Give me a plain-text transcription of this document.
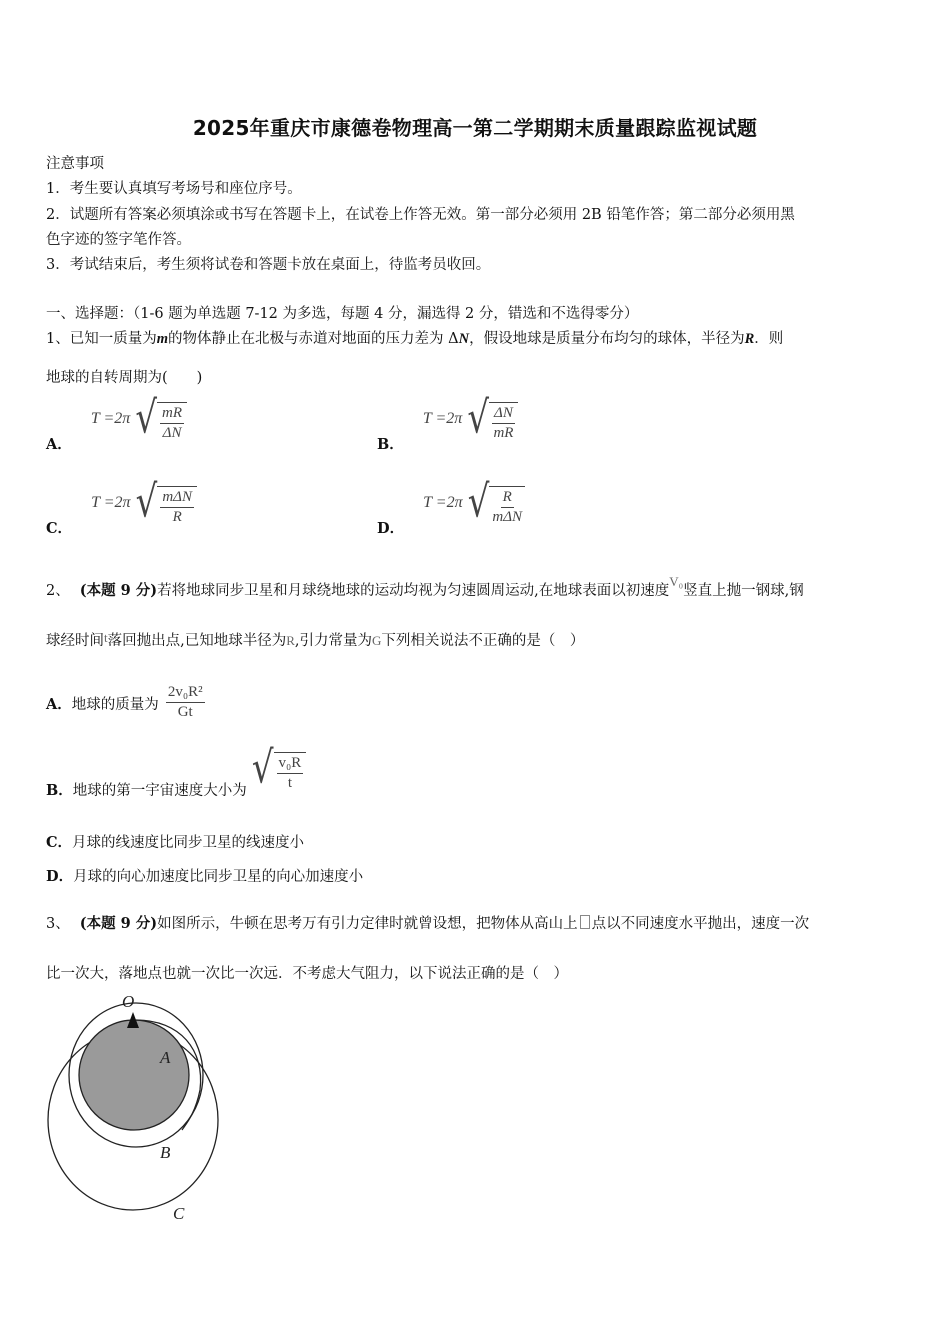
2025年重庆市康德卷物理高一第二学期期末质量跟踪监视试题
注意事项
1．考生要认真填写考场号和座位序号。
2．试题所有答案必须填涂或书写在答题卡上，在试卷上作答无效。第一部分必须用 2B 铅笔作答；第二部分必须用黑
色字迹的签字笔作答。
3．考试结束后，考生须将试卷和答题卡放在桌面上，待监考员收回。
一、选择题：（1-6 题为单选题 7-12 为多选，每题 4 分，漏选得 2 分，错选和不选得零分）
1、已知一质量为m的物体静止在北极与赤道对地面的压力差为 ΔN，假设地球是质量分布均匀的球体，半径为R．则
地球的自转周期为(　　)
A． T =2π √ $\frac{mR}{\Delta N}$
B． T =2π √ $\frac{\Delta N}{mR}$
C． T =2π √ $\frac{\text{mΔN}}{R}$
D． T =2π √ $\frac{R}{\text{mΔN}}$
2、 (本题 9 分)若将地球同步卫星和月球绕地球的运动均视为匀速圆周运动,在地球表面以初速度V₀竖直上抛一钢球,钢
球经时间t落回抛出点,已知地球半径为R,引力常量为G下列相关说法不正确的是（　）
A．地球的质量为 $\frac{\text{2v₀R²}}{Gt}$
B．地球的第一宇宙速度大小为 √ $\frac{\text{v₀R}}{t}$
C．月球的线速度比同步卫星的线速度小
D．月球的向心加速度比同步卫星的向心加速度小
3、 (本题 9 分)如图所示，牛顿在思考万有引力定律时就曾设想，把物体从高山上 点以不同速度水平抛出，速度一次
比一次大，落地点也就一次比一次远．不考虑大气阻力，以下说法正确的是（　）
O
A
B
C
